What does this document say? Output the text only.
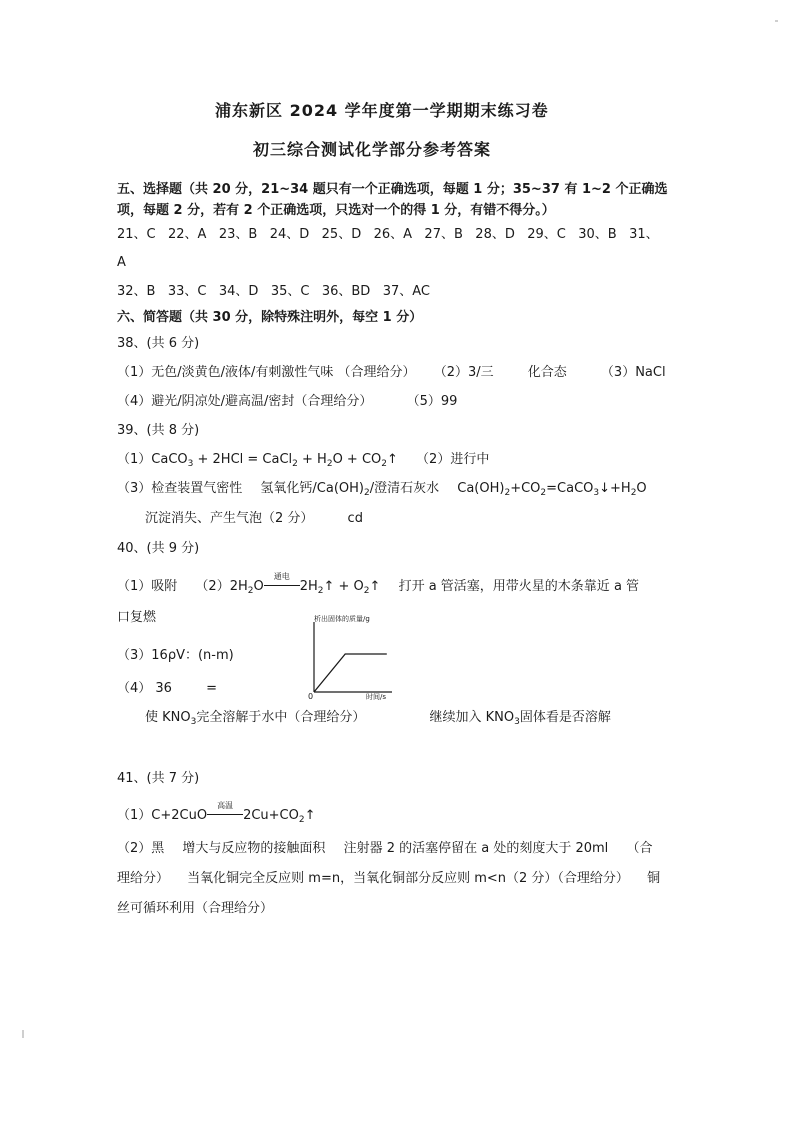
浦东新区 2024 学年度第一学期期末练习卷
初三综合测试化学部分参考答案
五、选择题（共 20 分，21~34 题只有一个正确选项，每题 1 分；35~37 有 1~2 个正确选
项，每题 2 分，若有 2 个正确选项，只选对一个的得 1 分，有错不得分。）
21、C   22、A   23、B   24、D   25、D   26、A   27、B   28、D   29、C   30、B   31、
A
32、B   33、C   34、D   35、C   36、BD   37、AC
六、简答题（共 30 分，除特殊注明外，每空 1 分）
38、(共 6 分)
（1）无色/淡黄色/液体/有刺激性气味 （合理给分） （2）3/三	化合态	（3）NaCl
（4）避光/阴凉处/避高温/密封（合理给分）	（5）99
39、(共 8 分)
（1）CaCO$_3$ + 2HCl = CaCl$_2$ + $H_2O$ + $CO_2↑$ （2）进行中
（3）检查装置气密性 氢氧化钙$/Ca(OH)_2/$澄清石灰水 $Ca(OH)_2+CO_2=CaCO_3↓+H_2O$
沉淀消失、产生气泡（2 分）	cd
40、(共 9 分)
（1）吸附 $(2)2H_2O$
通电
$2H_2↑$ + $O_2↑$ 打开 a 管活塞，用带火星的木条靠近 a 管
口复燃
（3）16ρV：(n-m)
（4） 36	=
析出固体的质量/g
时间/s
0
使 $KNO_3$完全溶解于水中（合理给分）	继续加入 $KNO_3$固体看是否溶解
41、(共 7 分)
（1）C+2CuO
高温
$2Cu+CO_2↑$
（2）黑 增大与反应物的接触面积 注射器 2 的活塞停留在 a 处的刻度大于 20ml （合
理给分） 当氧化铜完全反应则 m=n，当氧化铜部分反应则 m<n（2 分）（合理给分） 铜
丝可循环利用（合理给分）
